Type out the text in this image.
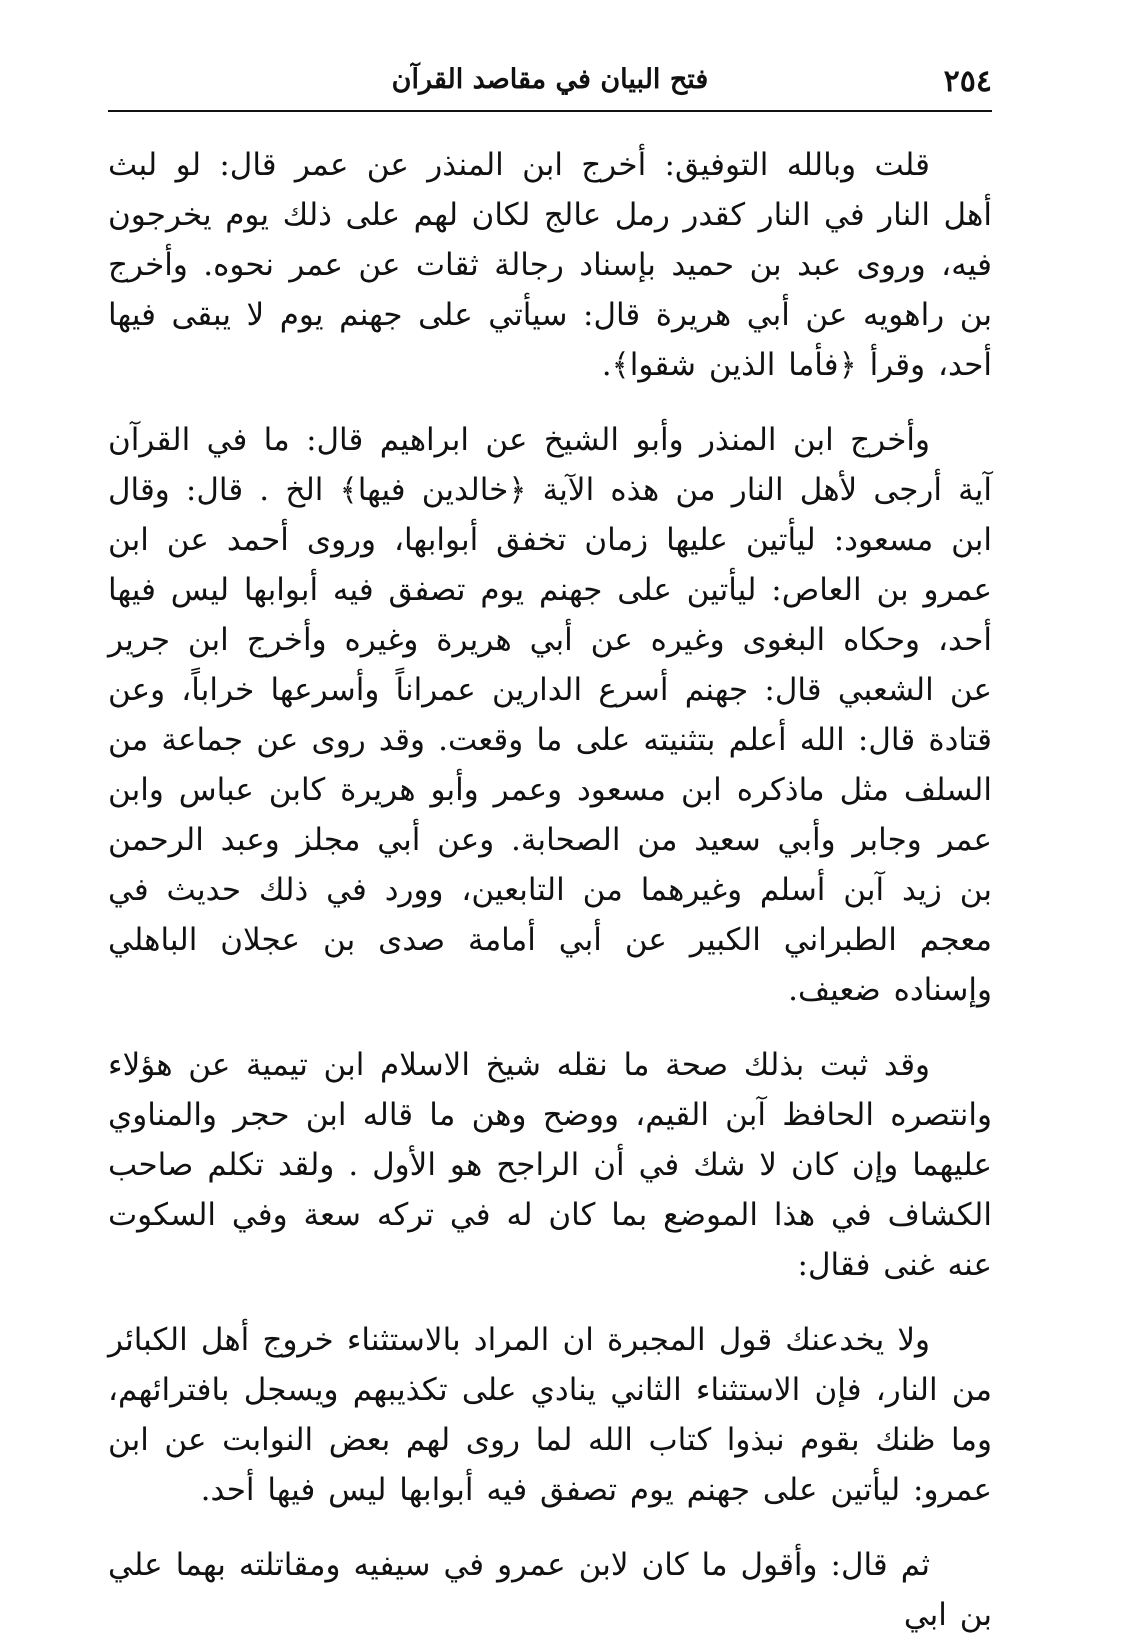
٢٥٤
فتح البيان في مقاصد القرآن

قلت وبالله التوفيق: أخرج ابن المنذر عن عمر قال: لو لبث أهل النار في النار كقدر رمل عالج لكان لهم على ذلك يوم يخرجون فيه، وروى عبد بن حميد بإسناد رجالة ثقات عن عمر نحوه. وأخرج بن راهويه عن أبي هريرة قال: سيأتي على جهنم يوم لا يبقى فيها أحد، وقرأ ﴿فأما الذين شقوا﴾.

وأخرج ابن المنذر وأبو الشيخ عن ابراهيم قال: ما في القرآن آية أرجى لأهل النار من هذه الآية ﴿خالدين فيها﴾ الخ . قال: وقال ابن مسعود: ليأتين عليها زمان تخفق أبوابها، وروى أحمد عن ابن عمرو بن العاص: ليأتين على جهنم يوم تصفق فيه أبوابها ليس فيها أحد، وحكاه البغوى وغيره عن أبي هريرة وغيره وأخرج ابن جرير عن الشعبي قال: جهنم أسرع الدارين عمراناً وأسرعها خراباً، وعن قتادة قال: الله أعلم بتثنيته على ما وقعت. وقد روى عن جماعة من السلف مثل ماذكره ابن مسعود وعمر وأبو هريرة كابن عباس وابن عمر وجابر وأبي سعيد من الصحابة. وعن أبي مجلز وعبد الرحمن بن زيد آبن أسلم وغيرهما من التابعين، وورد في ذلك حديث في معجم الطبراني الكبير عن أبي أمامة صدى بن عجلان الباهلي وإسناده ضعيف.

وقد ثبت بذلك صحة ما نقله شيخ الاسلام ابن تيمية عن هؤلاء وانتصره الحافظ آبن القيم، ووضح وهن ما قاله ابن حجر والمناوي عليهما وإن كان لا شك في أن الراجح هو الأول . ولقد تكلم صاحب الكشاف في هذا الموضع بما كان له في تركه سعة وفي السكوت عنه غنى فقال:

ولا يخدعنك قول المجبرة ان المراد بالاستثناء خروج أهل الكبائر من النار، فإن الاستثناء الثاني ينادي على تكذيبهم ويسجل بافترائهم، وما ظنك بقوم نبذوا كتاب الله لما روى لهم بعض النوابت عن ابن عمرو: ليأتين على جهنم يوم تصفق فيه أبوابها ليس فيها أحد.

ثم قال: وأقول ما كان لابن عمرو في سيفيه ومقاتلته بهما علي بن ابي
